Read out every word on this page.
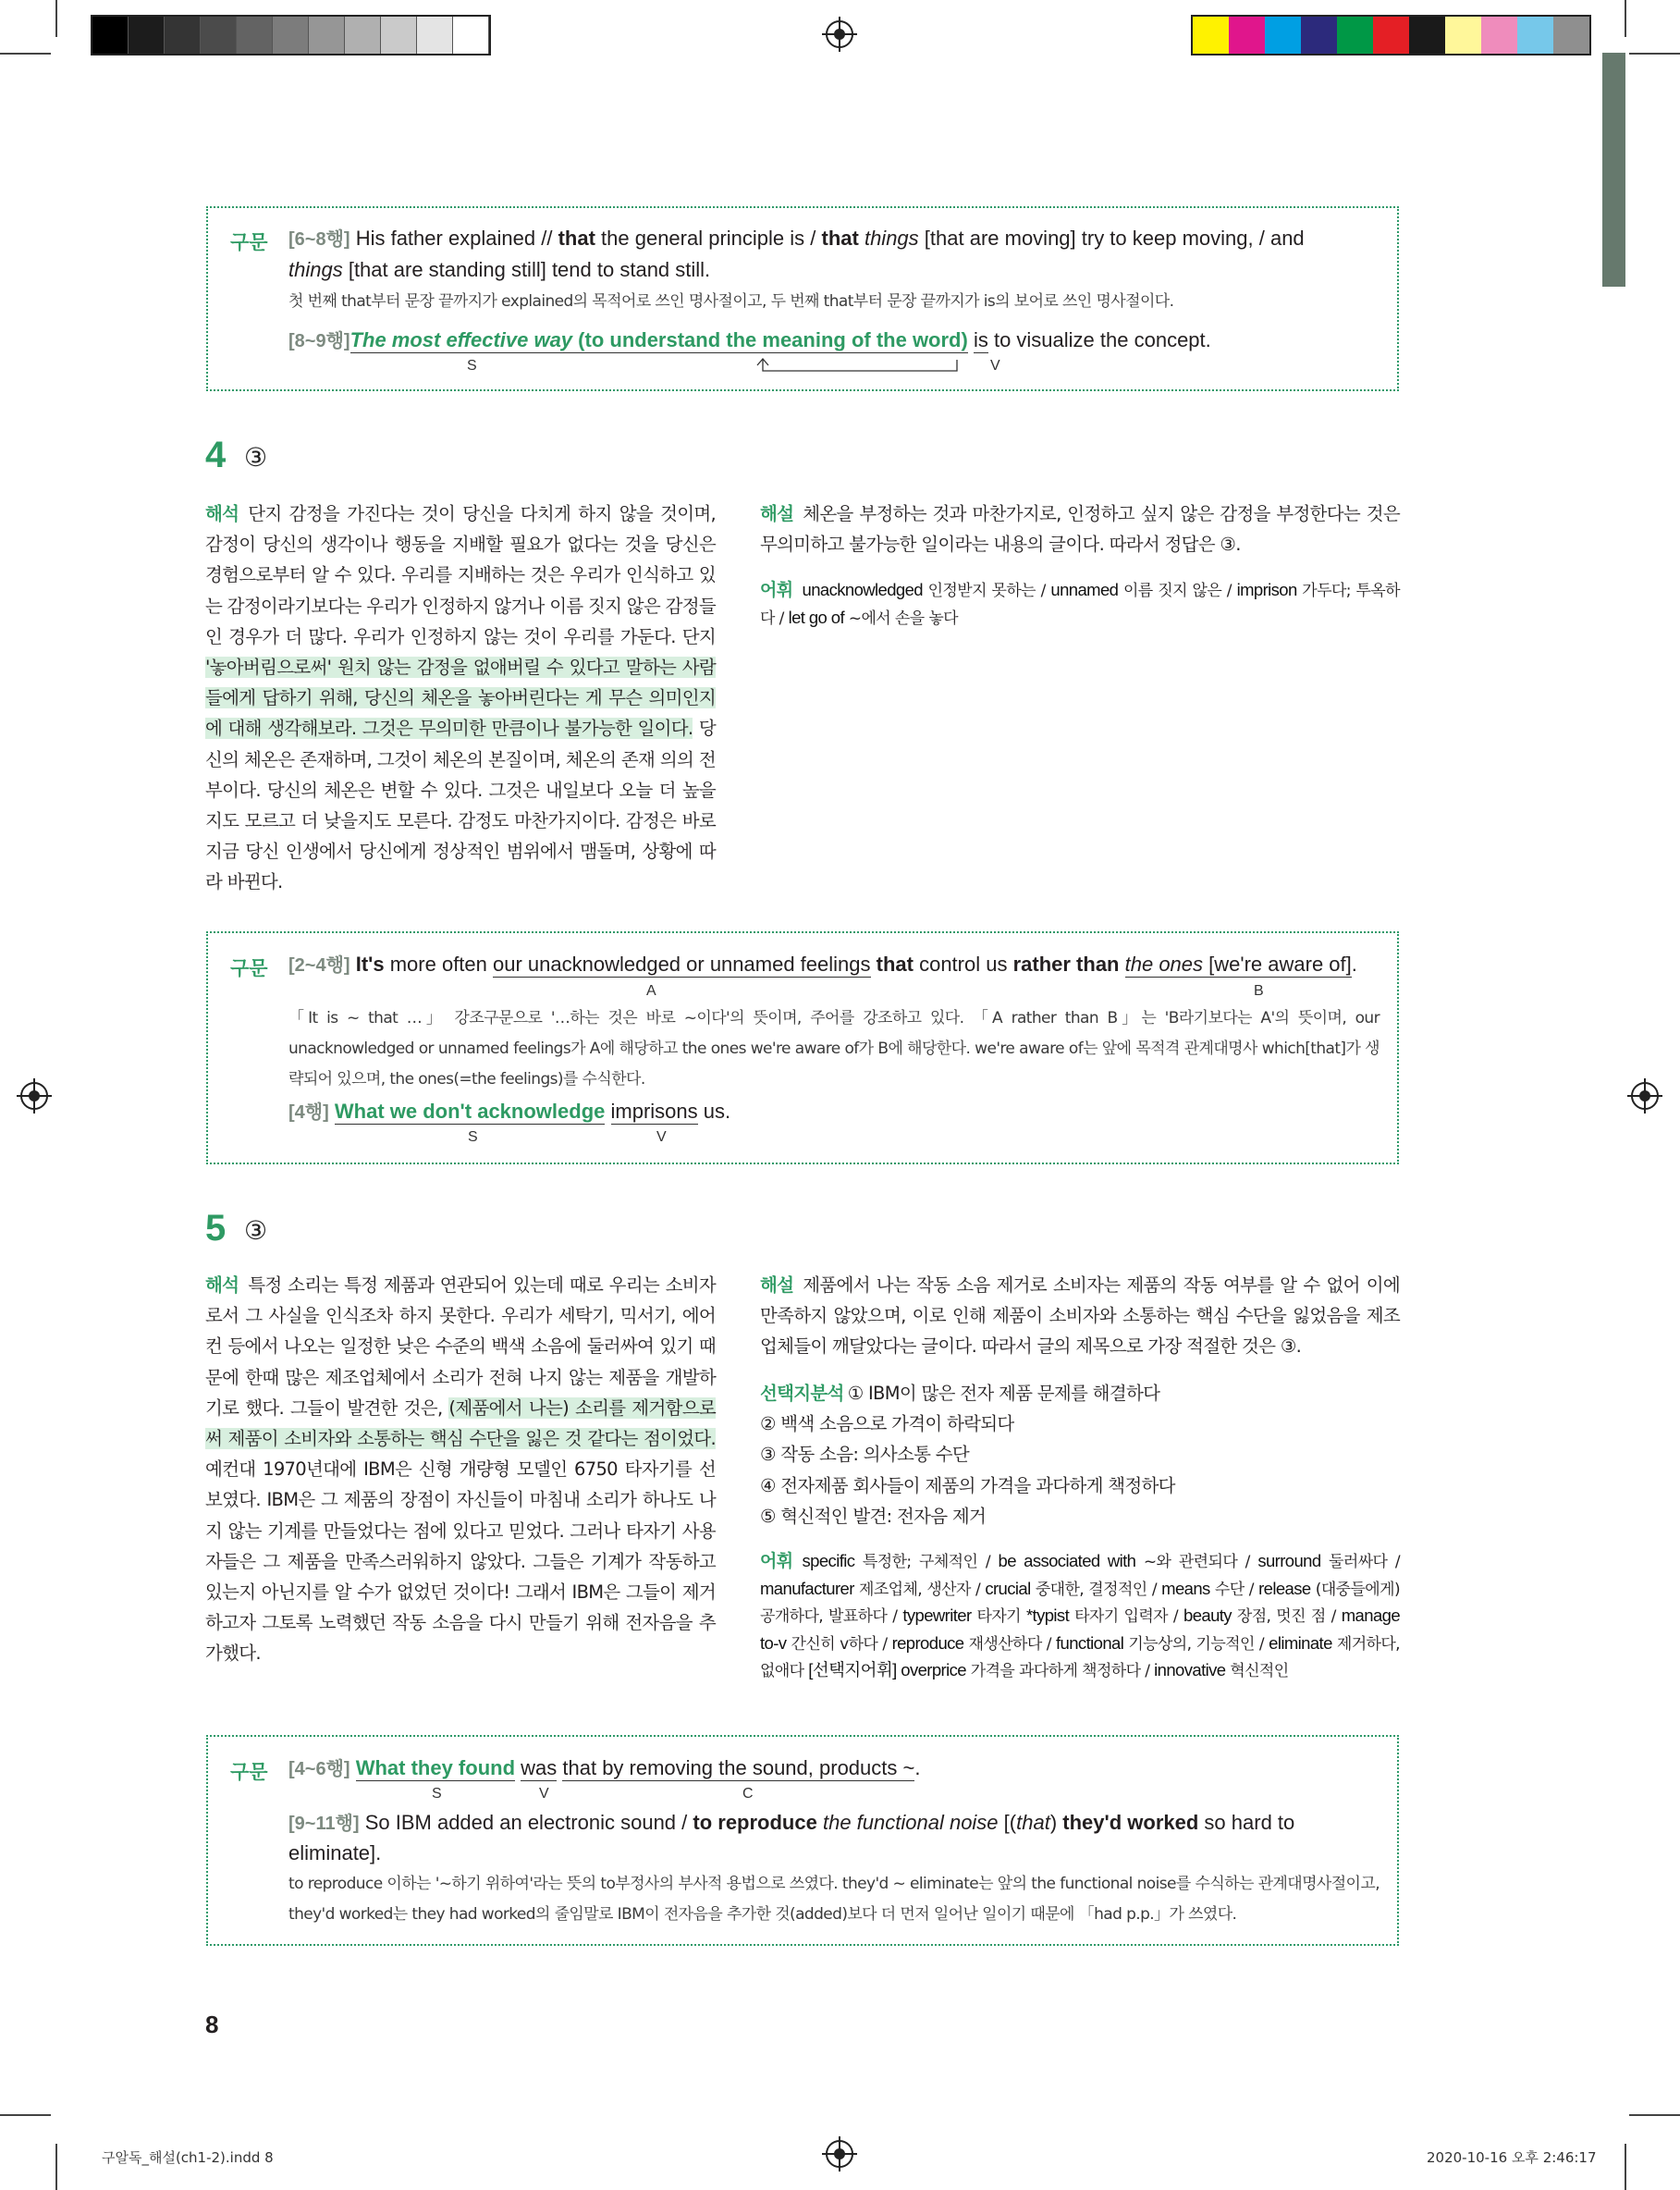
구문 [6~8행] His father explained // that the general principle is / that things [that are moving] try to keep moving, / and
things [that are standing still] tend to stand still.
첫 번째 that부터 문장 끝까지가 explained의 목적어로 쓰인 명사절이고, 두 번째 that부터 문장 끝까지가 is의 보어로 쓰인 명사절이다.
[8~9행]The most effective way (to understand the meaning of the word) is to visualize the concept.
S	V
4 ③
해석 단지 감정을 가진다는 것이 당신을 다치게 하지 않을 것이며, 감정이 당신의 생각이나 행동을 지배할 필요가 없다는 것을 당신은 경험으로부터 알 수 있다. 우리를 지배하는 것은 우리가 인식하고 있는 감정이라기보다는 우리가 인정하지 않거나 이름 짓지 않은 감정들인 경우가 더 많다. 우리가 인정하지 않는 것이 우리를 가둔다. 단지 '놓아버림으로써' 원치 않는 감정을 없애버릴 수 있다고 말하는 사람들에게 답하기 위해, 당신의 체온을 놓아버린다는 게 무슨 의미인지에 대해 생각해보라. 그것은 무의미한 만큼이나 불가능한 일이다. 당신의 체온은 존재하며, 그것이 체온의 본질이며, 체온의 존재 의의 전부이다. 당신의 체온은 변할 수 있다. 그것은 내일보다 오늘 더 높을지도 모르고 더 낮을지도 모른다. 감정도 마찬가지이다. 감정은 바로 지금 당신 인생에서 당신에게 정상적인 범위에서 맴돌며, 상황에 따라 바뀐다.
해설 체온을 부정하는 것과 마찬가지로, 인정하고 싶지 않은 감정을 부정한다는 것은 무의미하고 불가능한 일이라는 내용의 글이다. 따라서 정답은 ③.
어휘 unacknowledged 인정받지 못하는 / unnamed 이름 짓지 않은 / imprison 가두다; 투옥하다 / let go of ~에서 손을 놓다
구문 [2~4행] It's more often our unacknowledged or unnamed feelings that control us rather than the ones [we're aware of].
A	B
「It is ~ that …」 강조구문으로 '…하는 것은 바로 ~이다'의 뜻이며, 주어를 강조하고 있다. 「A rather than B」는 'B라기보다는 A'의 뜻이며, our unacknowledged or unnamed feelings가 A에 해당하고 the ones we're aware of가 B에 해당한다. we're aware of는 앞에 목적격 관계대명사 which[that]가 생략되어 있으며, the ones(=the feelings)를 수식한다.
[4행] What we don't acknowledge imprisons us.
S	V
5 ③
해석 특정 소리는 특정 제품과 연관되어 있는데 때로 우리는 소비자로서 그 사실을 인식조차 하지 못한다. 우리가 세탁기, 믹서기, 에어컨 등에서 나오는 일정한 낮은 수준의 백색 소음에 둘러싸여 있기 때문에 한때 많은 제조업체에서 소리가 전혀 나지 않는 제품을 개발하기로 했다. 그들이 발견한 것은, (제품에서 나는) 소리를 제거함으로써 제품이 소비자와 소통하는 핵심 수단을 잃은 것 같다는 점이었다. 예컨대 1970년대에 IBM은 신형 개량형 모델인 6750 타자기를 선보였다. IBM은 그 제품의 장점이 자신들이 마침내 소리가 하나도 나지 않는 기계를 만들었다는 점에 있다고 믿었다. 그러나 타자기 사용자들은 그 제품을 만족스러워하지 않았다. 그들은 기계가 작동하고 있는지 아닌지를 알 수가 없었던 것이다! 그래서 IBM은 그들이 제거하고자 그토록 노력했던 작동 소음을 다시 만들기 위해 전자음을 추가했다.
해설 제품에서 나는 작동 소음 제거로 소비자는 제품의 작동 여부를 알 수 없어 이에 만족하지 않았으며, 이로 인해 제품이 소비자와 소통하는 핵심 수단을 잃었음을 제조업체들이 깨달았다는 글이다. 따라서 글의 제목으로 가장 적절한 것은 ③.
선택지분석 ① IBM이 많은 전자 제품 문제를 해결하다
② 백색 소음으로 가격이 하락되다
③ 작동 소음: 의사소통 수단
④ 전자제품 회사들이 제품의 가격을 과다하게 책정하다
⑤ 혁신적인 발견: 전자음 제거
어휘 specific 특정한; 구체적인 / be associated with ~와 관련되다 / surround 둘러싸다 / manufacturer 제조업체, 생산자 / crucial 중대한, 결정적인 / means 수단 / release (대중들에게) 공개하다, 발표하다 / typewriter 타자기 *typist 타자기 입력자 / beauty 장점, 멋진 점 / manage to-v 간신히 v하다 / reproduce 재생산하다 / functional 기능상의, 기능적인 / eliminate 제거하다, 없애다 [선택지어휘] overprice 가격을 과다하게 책정하다 / innovative 혁신적인
구문 [4~6행] What they found was that by removing the sound, products ~.
S	V	C
[9~11행] So IBM added an electronic sound / to reproduce the functional noise [(that) they'd worked so hard to
eliminate].
to reproduce 이하는 '~하기 위하여'라는 뜻의 to부정사의 부사적 용법으로 쓰였다. they'd ~ eliminate는 앞의 the functional noise를 수식하는 관계대명사절이고, they'd worked는 they had worked의 줄임말로 IBM이 전자음을 추가한 것(added)보다 더 먼저 일어난 일이기 때문에 「had p.p.」가 쓰였다.
8
구알독_해설(ch1-2).indd 8	2020-10-16 오후 2:46:17
